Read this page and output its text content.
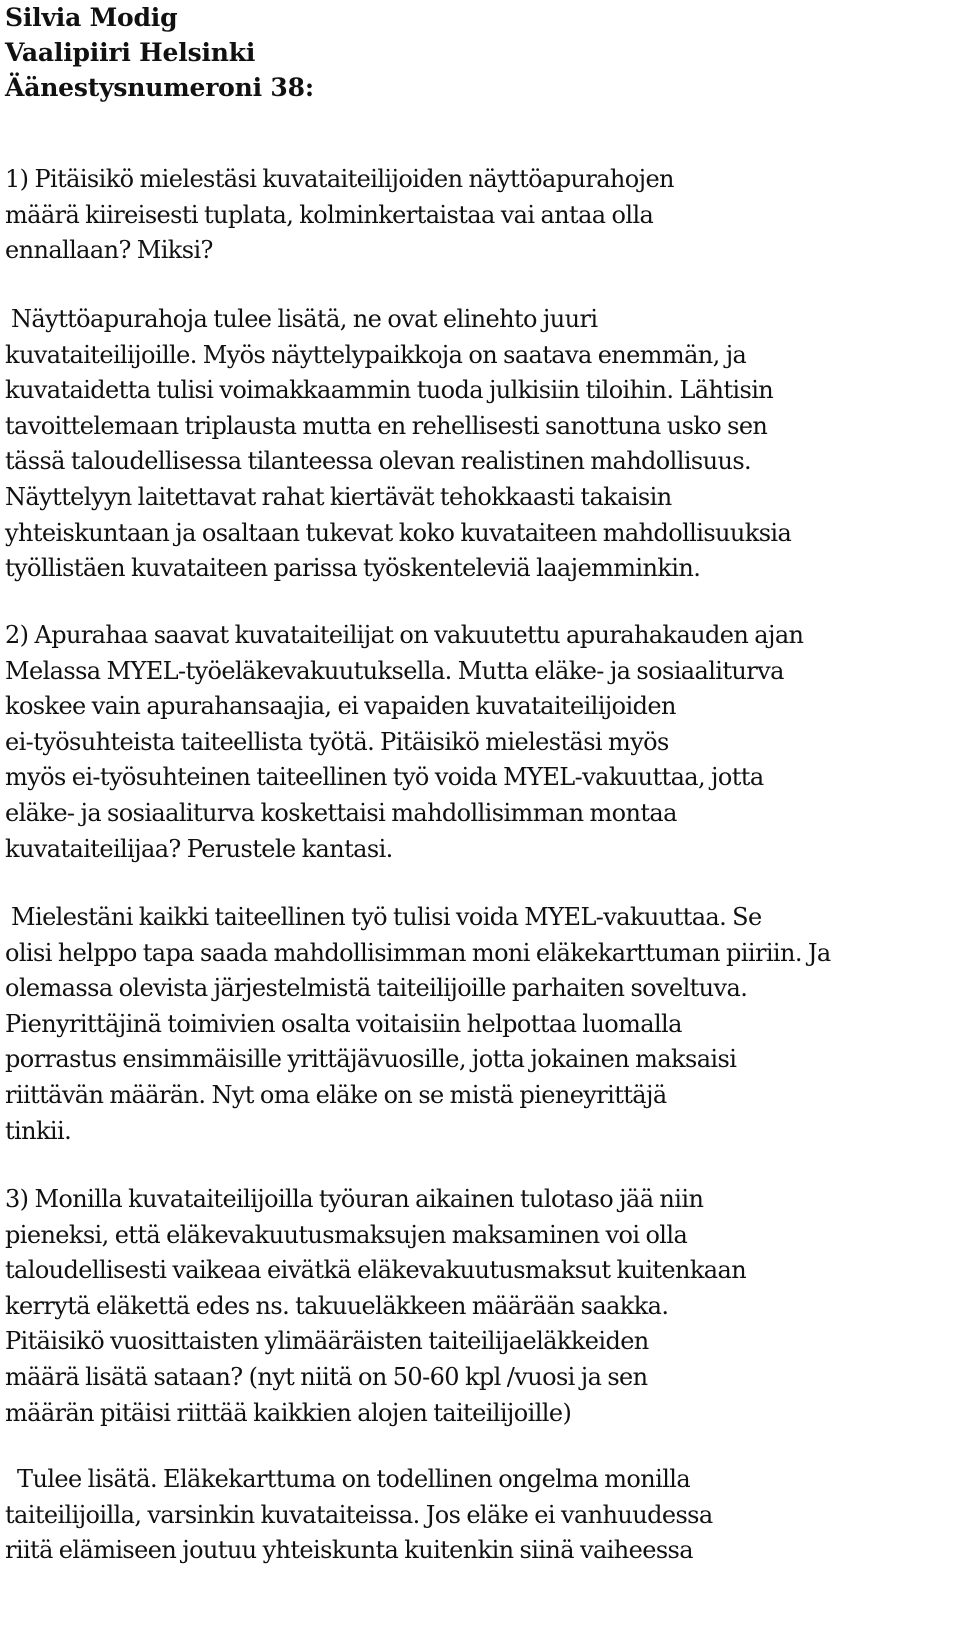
Silvia Modig
Vaalipiiri Helsinki
Äänestysnumeroni 38:
1) Pitäisikö mielestäsi kuvataiteilijoiden näyttöapurahojen
määrä kiireisesti tuplata, kolminkertaistaa vai antaa olla
ennallaan? Miksi?
Näyttöapurahoja tulee lisätä, ne ovat elinehto juuri
kuvataiteilijoille. Myös näyttelypaikkoja on saatava enemmän, ja
kuvataidetta tulisi voimakkaammin tuoda julkisiin tiloihin. Lähtisin
tavoittelemaan triplausta mutta en rehellisesti sanottuna usko sen
tässä taloudellisessa tilanteessa olevan realistinen mahdollisuus.
Näyttelyyn laitettavat rahat kiertävät tehokkaasti takaisin
yhteiskuntaan ja osaltaan tukevat koko kuvataiteen mahdollisuuksia
työllistäen kuvataiteen parissa työskenteleviä laajemminkin.
2) Apurahaa saavat kuvataiteilijat on vakuutettu apurahakauden ajan
Melassa MYEL-työeläkevakuutuksella. Mutta eläke- ja sosiaaliturva
koskee vain apurahansaajia, ei vapaiden kuvataiteilijoiden
ei-työsuhteista taiteellista työtä. Pitäisikö mielestäsi myös
myös ei-työsuhteinen taiteellinen työ voida MYEL-vakuuttaa, jotta
eläke- ja sosiaaliturva koskettaisi mahdollisimman montaa
kuvataiteilijaa? Perustele kantasi.
Mielestäni kaikki taiteellinen työ tulisi voida MYEL-vakuuttaa. Se
olisi helppo tapa saada mahdollisimman moni eläkekarttuman piiriin. Ja
olemassa olevista järjestelmistä taiteilijoille parhaiten soveltuva.
Pienyrittäjinä toimivien osalta voitaisiin helpottaa luomalla
porrastus ensimmäisille yrittäjävuosille, jotta jokainen maksaisi
riittävän määrän. Nyt oma eläke on se mistä pieneyrittäjä
tinkii.
3) Monilla kuvataiteilijoilla työuran aikainen tulotaso jää niin
pieneksi, että eläkevakuutusmaksujen maksaminen voi olla
taloudellisesti vaikeaa eivätkä eläkevakuutusmaksut kuitenkaan
kerrytä eläkettä edes ns. takuueläkkeen määrään saakka.
Pitäisikö vuosittaisten ylimääräisten taiteilijaeläkkeiden
määrä lisätä sataan? (nyt niitä on 50-60 kpl /vuosi ja sen
määrän pitäisi riittää kaikkien alojen taiteilijoille)
Tulee lisätä. Eläkekarttuma on todellinen ongelma monilla
taiteilijoilla, varsinkin kuvataiteissa. Jos eläke ei vanhuudessa
riitä elämiseen joutuu yhteiskunta kuitenkin siinä vaiheessa
